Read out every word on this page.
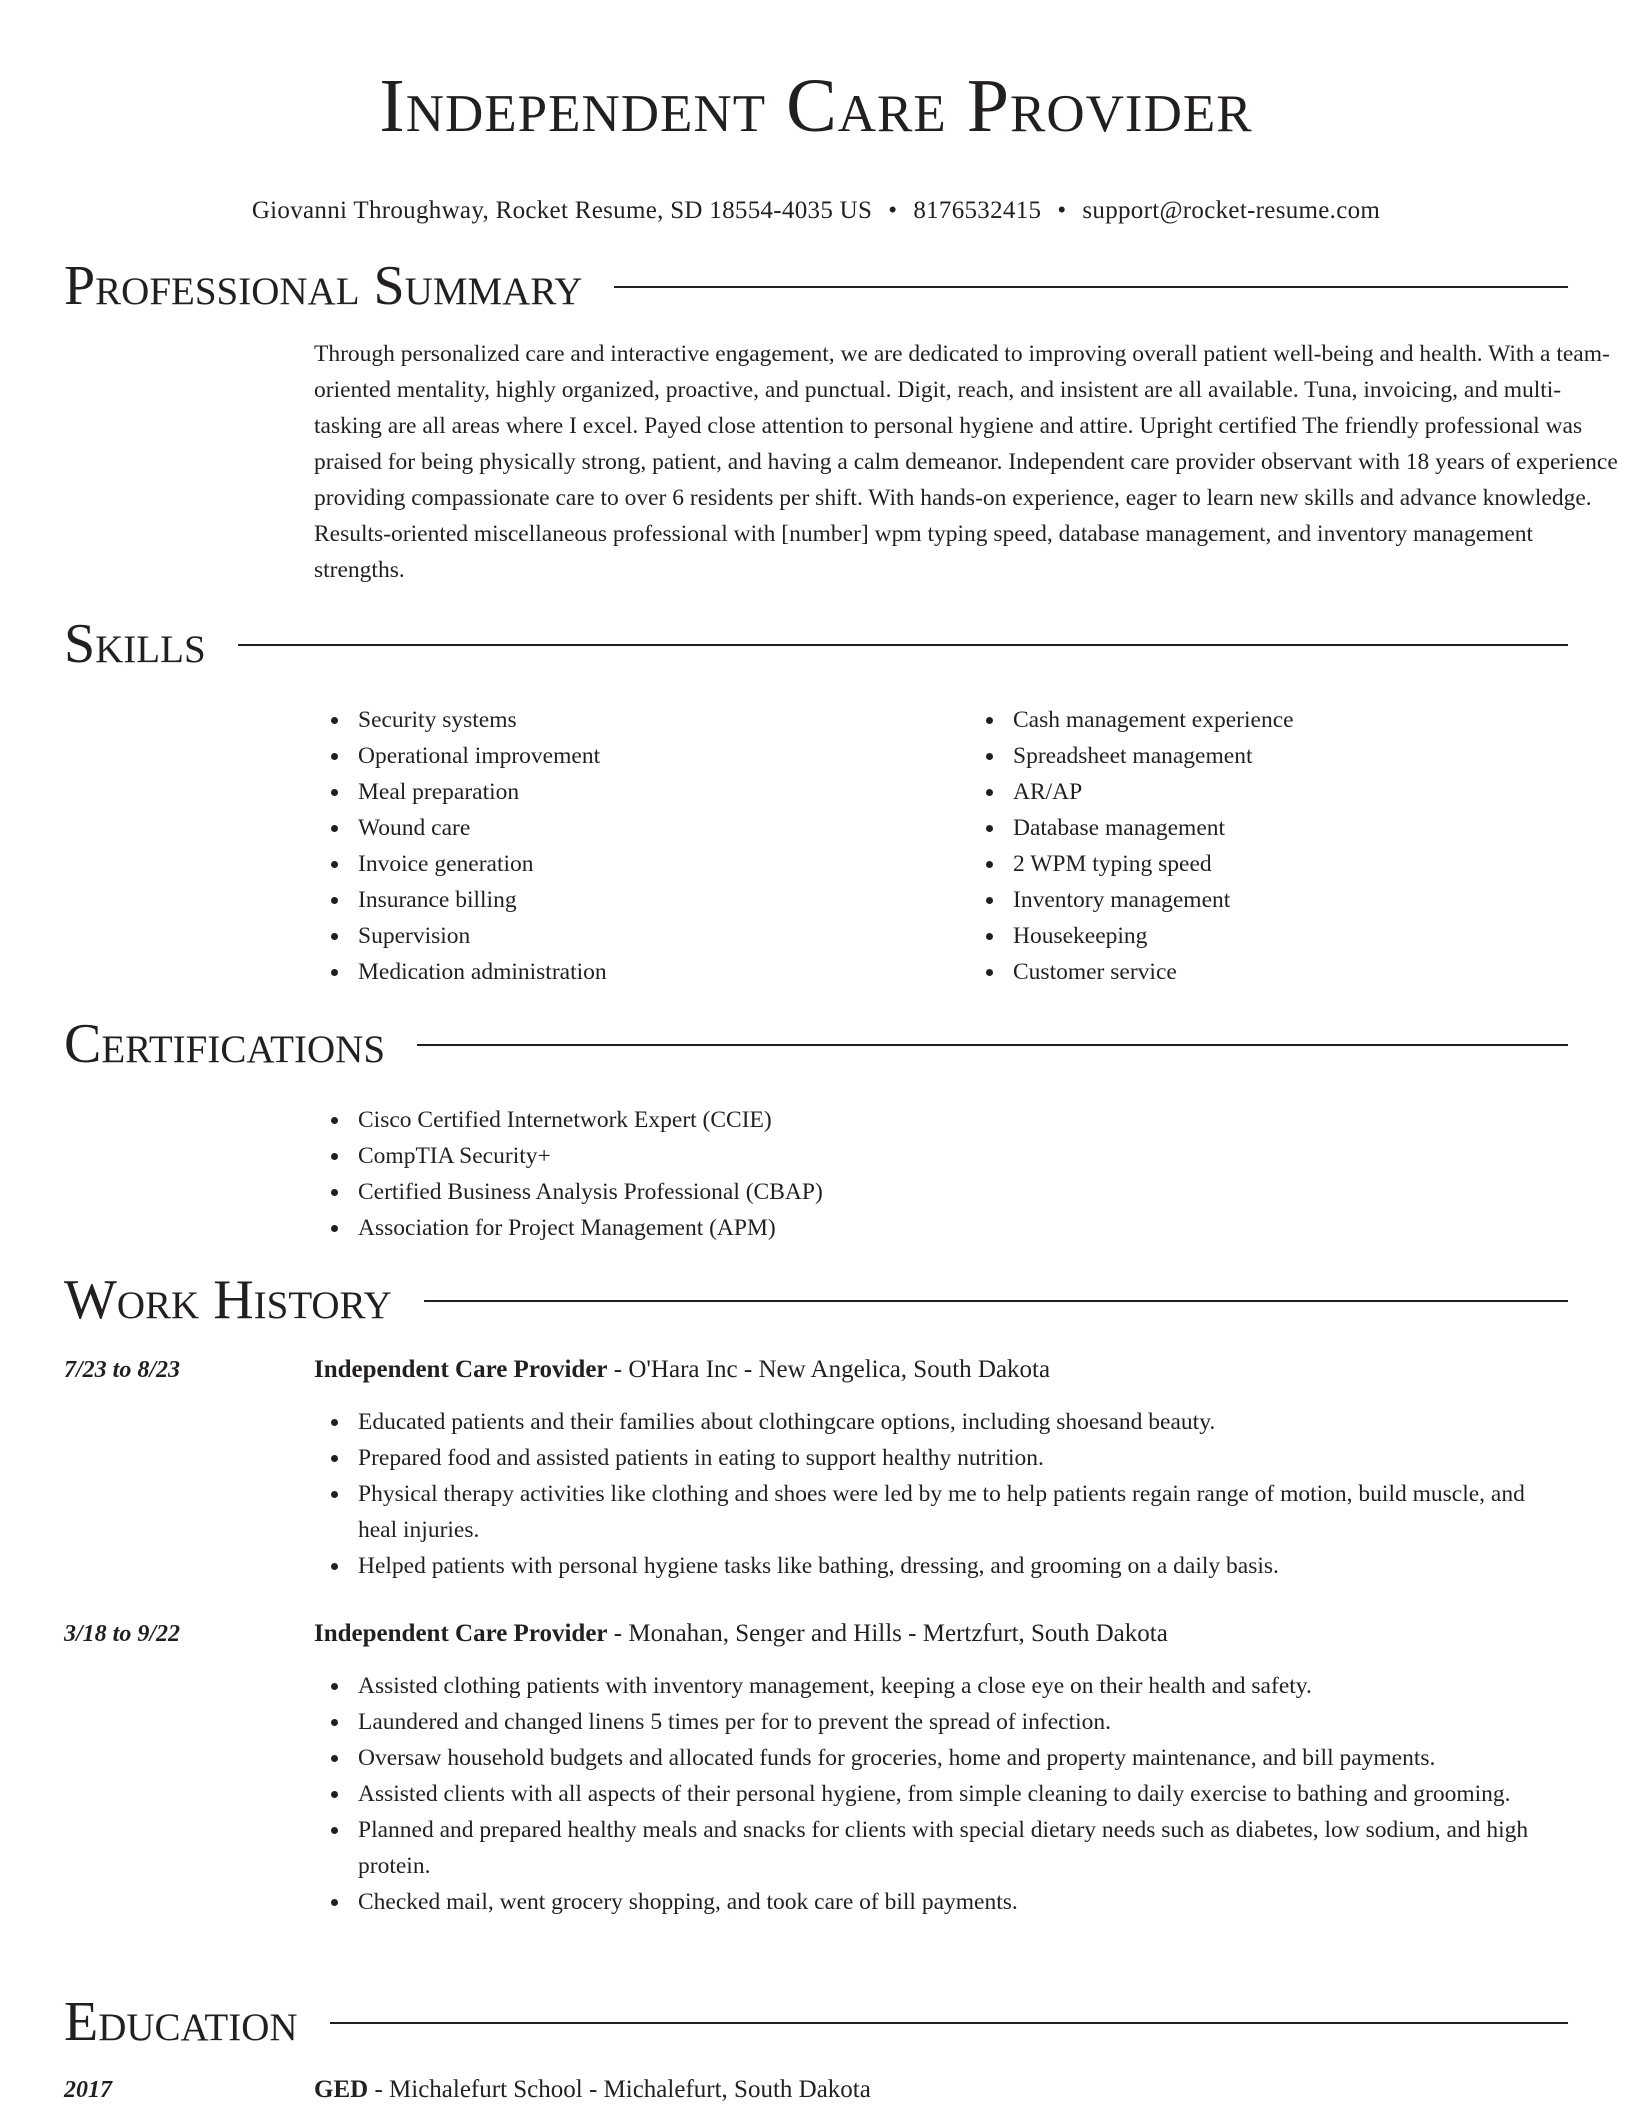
Independent Care Provider
Giovanni Throughway, Rocket Resume, SD 18554-4035 US • 8176532415 • support@rocket-resume.com
Professional Summary

Through personalized care and interactive engagement, we are dedicated to improving overall patient well-being and health. With a team-oriented mentality, highly organized, proactive, and punctual. Digit, reach, and insistent are all available. Tuna, invoicing, and multi-tasking are all areas where I excel. Payed close attention to personal hygiene and attire. Upright certified The friendly professional was praised for being physically strong, patient, and having a calm demeanor. Independent care provider observant with 18 years of experience providing compassionate care to over 6 residents per shift. With hands-on experience, eager to learn new skills and advance knowledge. Results-oriented miscellaneous professional with [number] wpm typing speed, database management, and inventory management strengths.

Skills
Security systems
Operational improvement
Meal preparation
Wound care
Invoice generation
Insurance billing
Supervision
Medication administration
Cash management experience
Spreadsheet management
AR/AP
Database management
2 WPM typing speed
Inventory management
Housekeeping
Customer service
Certifications
Cisco Certified Internetwork Expert (CCIE)
CompTIA Security+
Certified Business Analysis Professional (CBAP)
Association for Project Management (APM)
Work History
7/23 to 8/23	Independent Care Provider - O'Hara Inc - New Angelica, South Dakota
Educated patients and their families about clothingcare options, including shoesand beauty.
Prepared food and assisted patients in eating to support healthy nutrition.
Physical therapy activities like clothing and shoes were led by me to help patients regain range of motion, build muscle, and heal injuries.
Helped patients with personal hygiene tasks like bathing, dressing, and grooming on a daily basis.
3/18 to 9/22	Independent Care Provider - Monahan, Senger and Hills - Mertzfurt, South Dakota
Assisted clothing patients with inventory management, keeping a close eye on their health and safety.
Laundered and changed linens 5 times per for to prevent the spread of infection.
Oversaw household budgets and allocated funds for groceries, home and property maintenance, and bill payments.
Assisted clients with all aspects of their personal hygiene, from simple cleaning to daily exercise to bathing and grooming.
Planned and prepared healthy meals and snacks for clients with special dietary needs such as diabetes, low sodium, and high protein.
Checked mail, went grocery shopping, and took care of bill payments.
Education
2017	GED - Michalefurt School - Michalefurt, South Dakota
